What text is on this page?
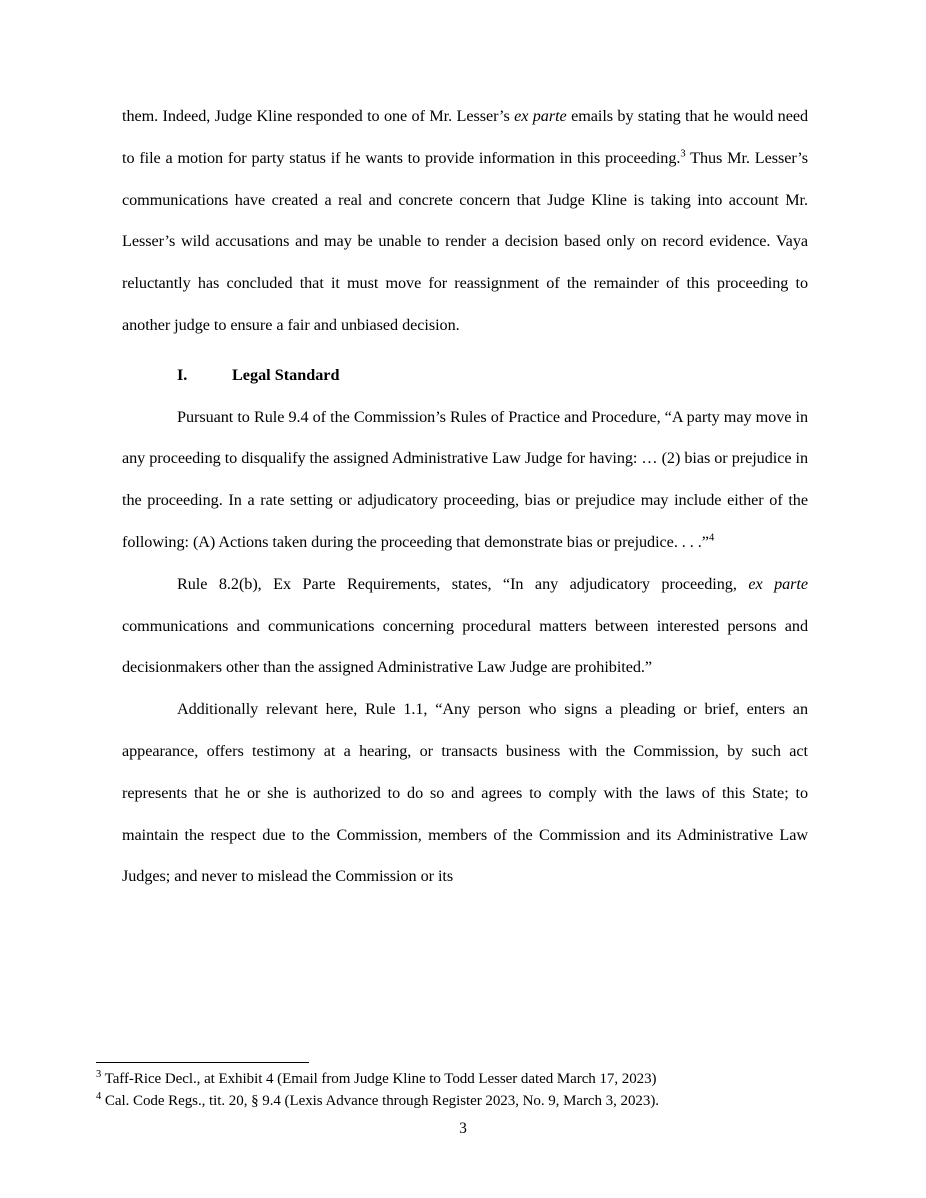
them. Indeed, Judge Kline responded to one of Mr. Lesser’s ex parte emails by stating that he would need to file a motion for party status if he wants to provide information in this proceeding.$^3$ Thus Mr. Lesser’s communications have created a real and concrete concern that Judge Kline is taking into account Mr. Lesser’s wild accusations and may be unable to render a decision based only on record evidence. Vaya reluctantly has concluded that it must move for reassignment of the remainder of this proceeding to another judge to ensure a fair and unbiased decision.

I.	Legal Standard

Pursuant to Rule 9.4 of the Commission’s Rules of Practice and Procedure, “A party may move in any proceeding to disqualify the assigned Administrative Law Judge for having: … (2) bias or prejudice in the proceeding. In a rate setting or adjudicatory proceeding, bias or prejudice may include either of the following: (A) Actions taken during the proceeding that demonstrate bias or prejudice. . . .”$^4$

Rule 8.2(b), Ex Parte Requirements, states, “In any adjudicatory proceeding, ex parte communications and communications concerning procedural matters between interested persons and decisionmakers other than the assigned Administrative Law Judge are prohibited.”

Additionally relevant here, Rule 1.1, “Any person who signs a pleading or brief, enters an appearance, offers testimony at a hearing, or transacts business with the Commission, by such act represents that he or she is authorized to do so and agrees to comply with the laws of this State; to maintain the respect due to the Commission, members of the Commission and its Administrative Law Judges; and never to mislead the Commission or its

$^3$ Taff-Rice Decl., at Exhibit 4 (Email from Judge Kline to Todd Lesser dated March 17, 2023)

$^4$ Cal. Code Regs., tit. 20, § 9.4 (Lexis Advance through Register 2023, No. 9, March 3, 2023).

3
